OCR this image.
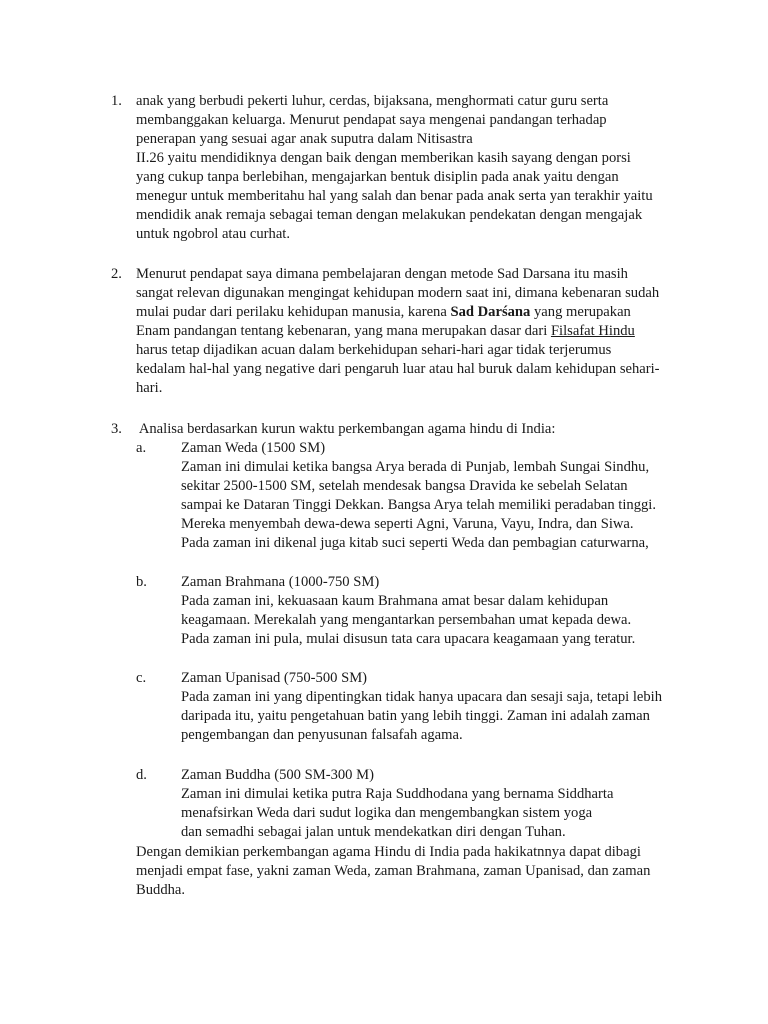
1. anak yang berbudi pekerti luhur, cerdas, bijaksana, menghormati catur guru serta
membanggakan keluarga. Menurut pendapat saya mengenai pandangan terhadap
penerapan yang sesuai agar anak suputra dalam Nitisastra
II.26 yaitu mendidiknya dengan baik dengan memberikan kasih sayang dengan porsi
yang cukup tanpa berlebihan, mengajarkan bentuk disiplin pada anak yaitu dengan
menegur untuk memberitahu hal yang salah dan benar pada anak serta yan terakhir yaitu
mendidik anak remaja sebagai teman dengan melakukan pendekatan dengan mengajak
untuk ngobrol atau curhat.
2. Menurut pendapat saya dimana pembelajaran dengan metode Sad Darsana itu masih
sangat relevan digunakan mengingat kehidupan modern saat ini, dimana kebenaran sudah
mulai pudar dari perilaku kehidupan manusia, karena Sad Darśana yang merupakan
Enam pandangan tentang kebenaran, yang mana merupakan dasar dari Filsafat Hindu
harus tetap dijadikan acuan dalam berkehidupan sehari-hari agar tidak terjerumus
kedalam hal-hal yang negative dari pengaruh luar atau hal buruk dalam kehidupan sehari-
hari.
3. Analisa berdasarkan kurun waktu perkembangan agama hindu di India:
a. Zaman Weda (1500 SM)
Zaman ini dimulai ketika bangsa Arya berada di Punjab, lembah Sungai Sindhu,
sekitar 2500-1500 SM, setelah mendesak bangsa Dravida ke sebelah Selatan
sampai ke Dataran Tinggi Dekkan. Bangsa Arya telah memiliki peradaban tinggi.
Mereka menyembah dewa-dewa seperti Agni, Varuna, Vayu, Indra, dan Siwa.
Pada zaman ini dikenal juga kitab suci seperti Weda dan pembagian caturwarna,
b. Zaman Brahmana (1000-750 SM)
Pada zaman ini, kekuasaan kaum Brahmana amat besar dalam kehidupan
keagamaan. Merekalah yang mengantarkan persembahan umat kepada dewa.
Pada zaman ini pula, mulai disusun tata cara upacara keagamaan yang teratur.
c. Zaman Upanisad (750-500 SM)
Pada zaman ini yang dipentingkan tidak hanya upacara dan sesaji saja, tetapi lebih
daripada itu, yaitu pengetahuan batin yang lebih tinggi. Zaman ini adalah zaman
pengembangan dan penyusunan falsafah agama.
d. Zaman Buddha (500 SM-300 M)
Zaman ini dimulai ketika putra Raja Suddhodana yang bernama Siddharta
menafsirkan Weda dari sudut logika dan mengembangkan sistem yoga
dan semadhi sebagai jalan untuk mendekatkan diri dengan Tuhan.
Dengan demikian perkembangan agama Hindu di India pada hakikatnnya dapat dibagi
menjadi empat fase, yakni zaman Weda, zaman Brahmana, zaman Upanisad, dan zaman
Buddha.
